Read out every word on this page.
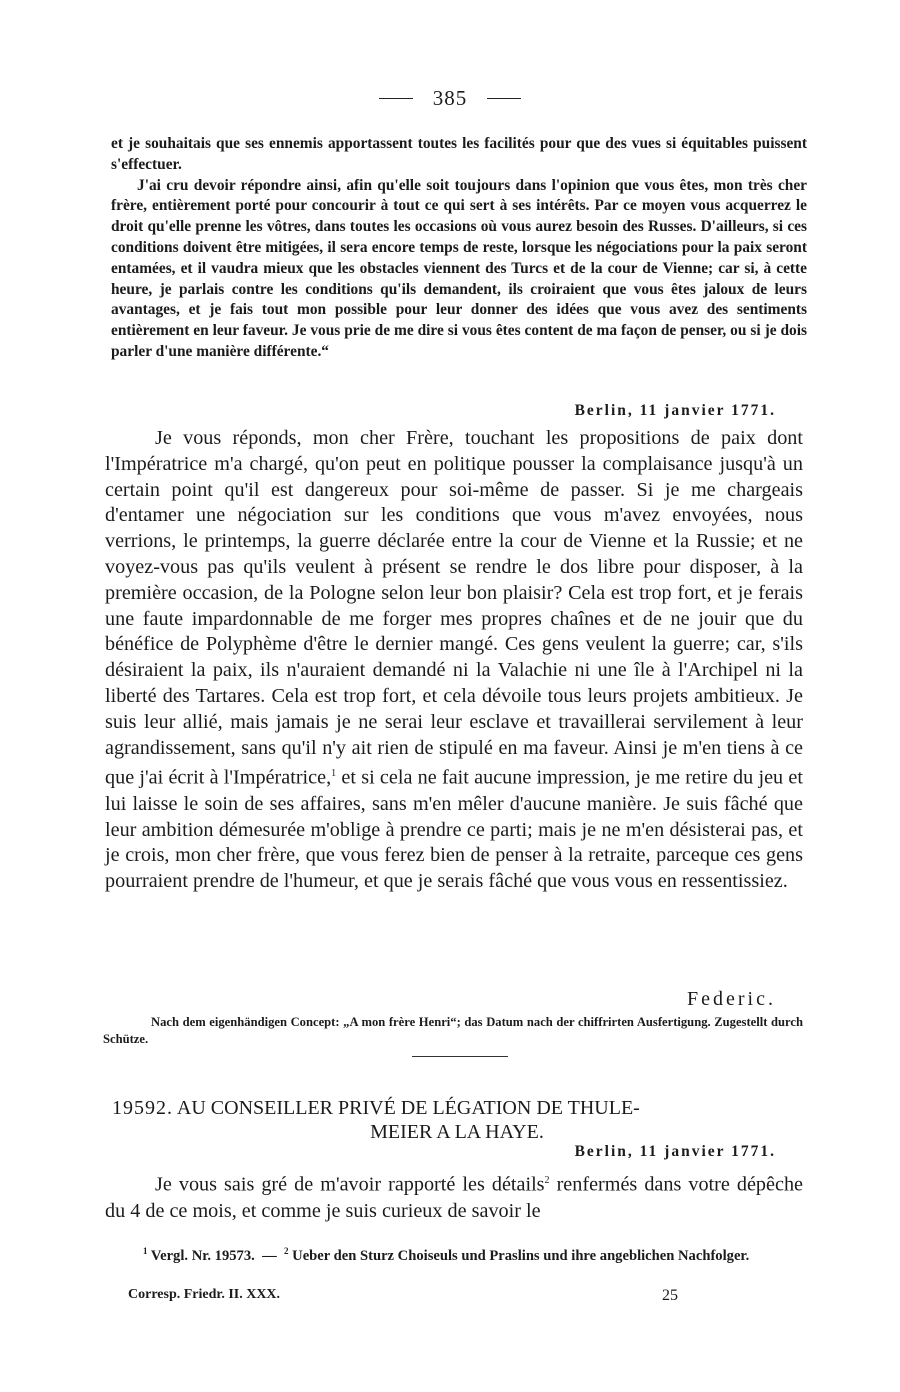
385

et je souhaitais que ses ennemis apportassent toutes les facilités pour que des vues si équitables puissent s'effectuer.

J'ai cru devoir répondre ainsi, afin qu'elle soit toujours dans l'opinion que vous êtes, mon très cher frère, entièrement porté pour concourir à tout ce qui sert à ses intérêts. Par ce moyen vous acquerrez le droit qu'elle prenne les vôtres, dans toutes les occasions où vous aurez besoin des Russes. D'ailleurs, si ces conditions doivent être mitigées, il sera encore temps de reste, lorsque les négociations pour la paix seront entamées, et il vaudra mieux que les obstacles viennent des Turcs et de la cour de Vienne; car si, à cette heure, je parlais contre les conditions qu'ils demandent, ils croiraient que vous êtes jaloux de leurs avantages, et je fais tout mon possible pour leur donner des idées que vous avez des sentiments entièrement en leur faveur. Je vous prie de me dire si vous êtes content de ma façon de penser, ou si je dois parler d'une manière différente.“

Berlin, 11 janvier 1771.

Je vous réponds, mon cher Frère, touchant les propositions de paix dont l'Impératrice m'a chargé, qu'on peut en politique pousser la complaisance jusqu'à un certain point qu'il est dangereux pour soi-même de passer. Si je me chargeais d'entamer une négociation sur les conditions que vous m'avez envoyées, nous verrions, le printemps, la guerre déclarée entre la cour de Vienne et la Russie; et ne voyez-vous pas qu'ils veulent à présent se rendre le dos libre pour disposer, à la première occasion, de la Pologne selon leur bon plaisir? Cela est trop fort, et je ferais une faute impardonnable de me forger mes propres chaînes et de ne jouir que du bénéfice de Polyphème d'être le dernier mangé. Ces gens veulent la guerre; car, s'ils désiraient la paix, ils n'auraient demandé ni la Valachie ni une île à l'Archipel ni la liberté des Tartares. Cela est trop fort, et cela dévoile tous leurs projets ambitieux. Je suis leur allié, mais jamais je ne serai leur esclave et travaillerai servilement à leur agrandissement, sans qu'il n'y ait rien de stipulé en ma faveur. Ainsi je m'en tiens à ce que j'ai écrit à l'Impératrice,$^1$ et si cela ne fait aucune impression, je me retire du jeu et lui laisse le soin de ses affaires, sans m'en mêler d'aucune manière. Je suis fâché que leur ambition démesurée m'oblige à prendre ce parti; mais je ne m'en désisterai pas, et je crois, mon cher frère, que vous ferez bien de penser à la retraite, parceque ces gens pourraient prendre de l'humeur, et que je serais fâché que vous vous en ressentissiez.

Federic.

Nach dem eigenhändigen Concept: „A mon frère Henri“; das Datum nach der chiffrirten Ausfertigung. Zugestellt durch Schütze.

19592. AU CONSEILLER PRIVÉ DE LÉGATION DE THULE-
MEIER A LA HAYE.
Berlin, 11 janvier 1771.

Je vous sais gré de m'avoir rapporté les détails$^2$ renfermés dans votre dépêche du 4 de ce mois, et comme je suis curieux de savoir le

$^1$ Vergl. Nr. 19573. — $^2$ Ueber den Sturz Choiseuls und Praslins und ihre angeblichen Nachfolger.

Corresp. Friedr. II. XXX.	25
